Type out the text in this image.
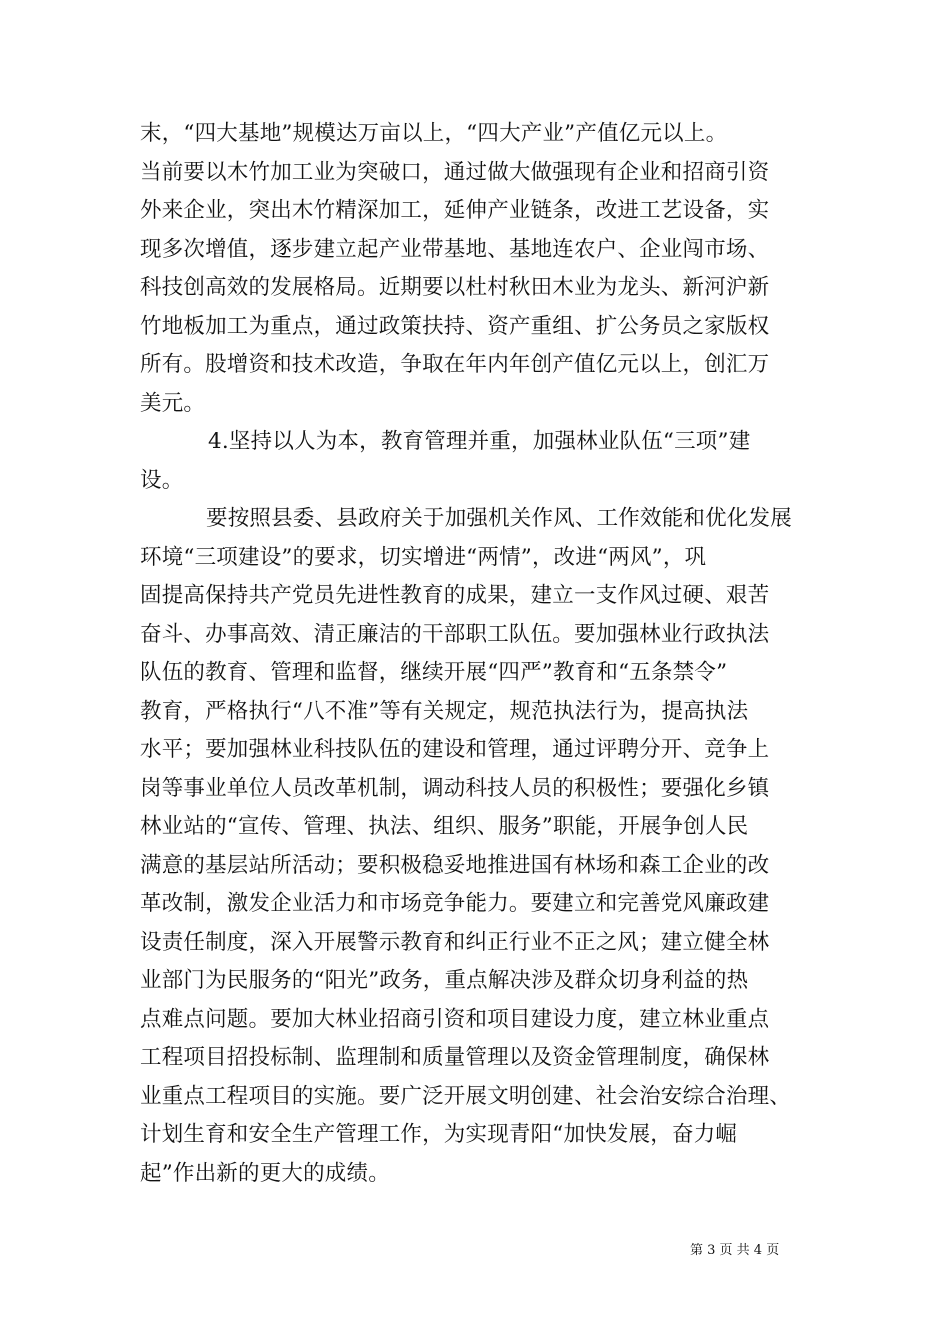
末，“四大基地”规模达万亩以上，“四大产业”产值亿元以上。
当前要以木竹加工业为突破口，通过做大做强现有企业和招商引资
外来企业，突出木竹精深加工，延伸产业链条，改进工艺设备，实
现多次增值，逐步建立起产业带基地、基地连农户、企业闯市场、
科技创高效的发展格局。近期要以杜村秋田木业为龙头、新河沪新
竹地板加工为重点，通过政策扶持、资产重组、扩公务员之家版权
所有。股增资和技术改造，争取在年内年创产值亿元以上，创汇万
美元。
4.坚持以人为本，教育管理并重，加强林业队伍“三项”建
设。
要按照县委、县政府关于加强机关作风、工作效能和优化发展
环境“三项建设”的要求，切实增进“两情”，改进“两风”，巩
固提高保持共产党员先进性教育的成果，建立一支作风过硬、艰苦
奋斗、办事高效、清正廉洁的干部职工队伍。要加强林业行政执法
队伍的教育、管理和监督，继续开展“四严”教育和“五条禁令”
教育，严格执行“八不准”等有关规定，规范执法行为，提高执法
水平；要加强林业科技队伍的建设和管理，通过评聘分开、竞争上
岗等事业单位人员改革机制，调动科技人员的积极性；要强化乡镇
林业站的“宣传、管理、执法、组织、服务”职能，开展争创人民
满意的基层站所活动；要积极稳妥地推进国有林场和森工企业的改
革改制，激发企业活力和市场竞争能力。要建立和完善党风廉政建
设责任制度，深入开展警示教育和纠正行业不正之风；建立健全林
业部门为民服务的“阳光”政务，重点解决涉及群众切身利益的热
点难点问题。要加大林业招商引资和项目建设力度，建立林业重点
工程项目招投标制、监理制和质量管理以及资金管理制度，确保林
业重点工程项目的实施。要广泛开展文明创建、社会治安综合治理、
计划生育和安全生产管理工作，为实现青阳“加快发展，奋力崛
起”作出新的更大的成绩。
第 3 页 共 4 页
